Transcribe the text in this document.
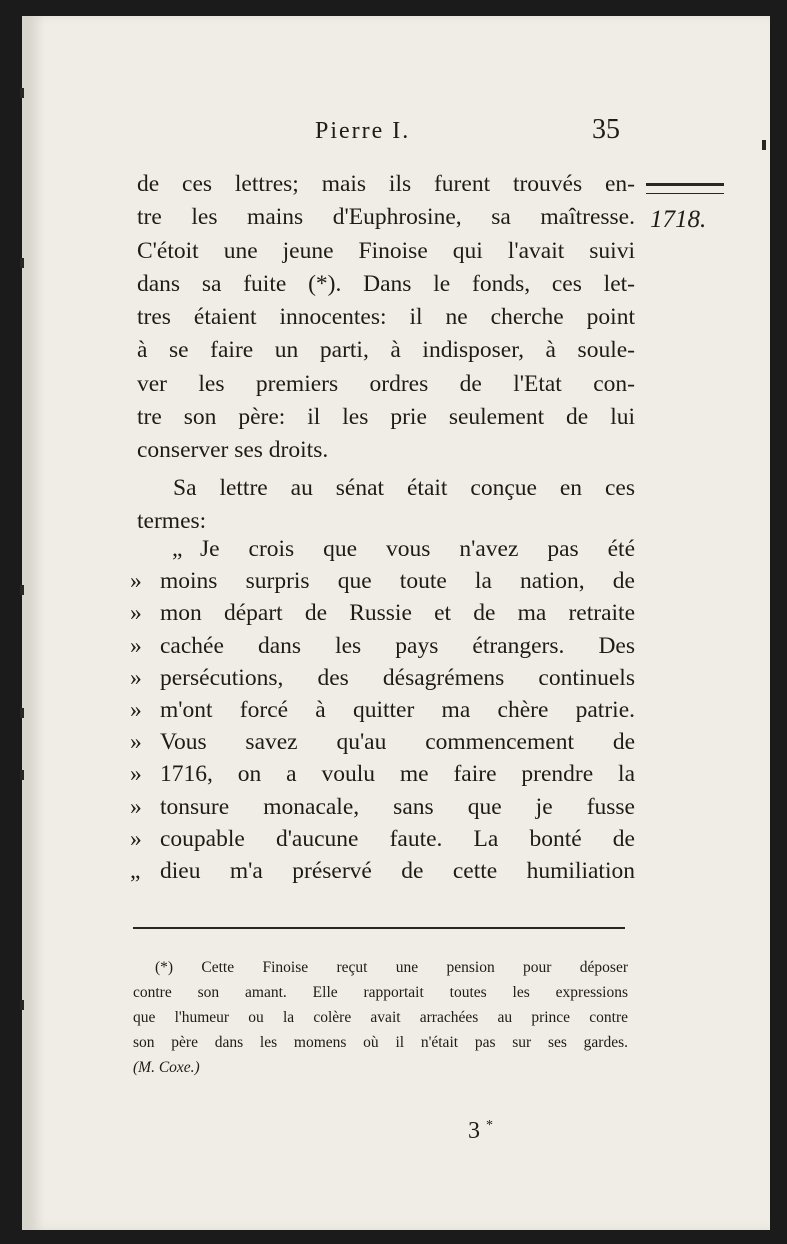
Pierre I.	35
1718.
de ces lettres; mais ils furent trouvés en-
tre les mains d'Euphrosine, sa maîtresse.
C'étoit une jeune Finoise qui l'avait suivi
dans sa fuite (*). Dans le fonds, ces let-
tres étaient innocentes: il ne cherche point
à se faire un parti, à indisposer, à soule-
ver les premiers ordres de l'Etat con-
tre son père: il les prie seulement de lui
conserver ses droits.
Sa lettre au sénat était conçue en ces
termes:
„ Je crois que vous n'avez pas été
» moins surpris que toute la nation, de
» mon départ de Russie et de ma retraite
» cachée dans les pays étrangers. Des
» persécutions, des désagrémens continuels
» m'ont forcé à quitter ma chère patrie.
» Vous savez qu'au commencement de
» 1716, on a voulu me faire prendre la
» tonsure monacale, sans que je fusse
» coupable d'aucune faute. La bonté de
„ dieu m'a préservé de cette humiliation
(*) Cette Finoise reçut une pension pour déposer
contre son amant. Elle rapportait toutes les expressions
que l'humeur ou la colère avait arrachées au prince contre
son père dans les momens où il n'était pas sur ses gardes.
(M. Coxe.)
3 *
